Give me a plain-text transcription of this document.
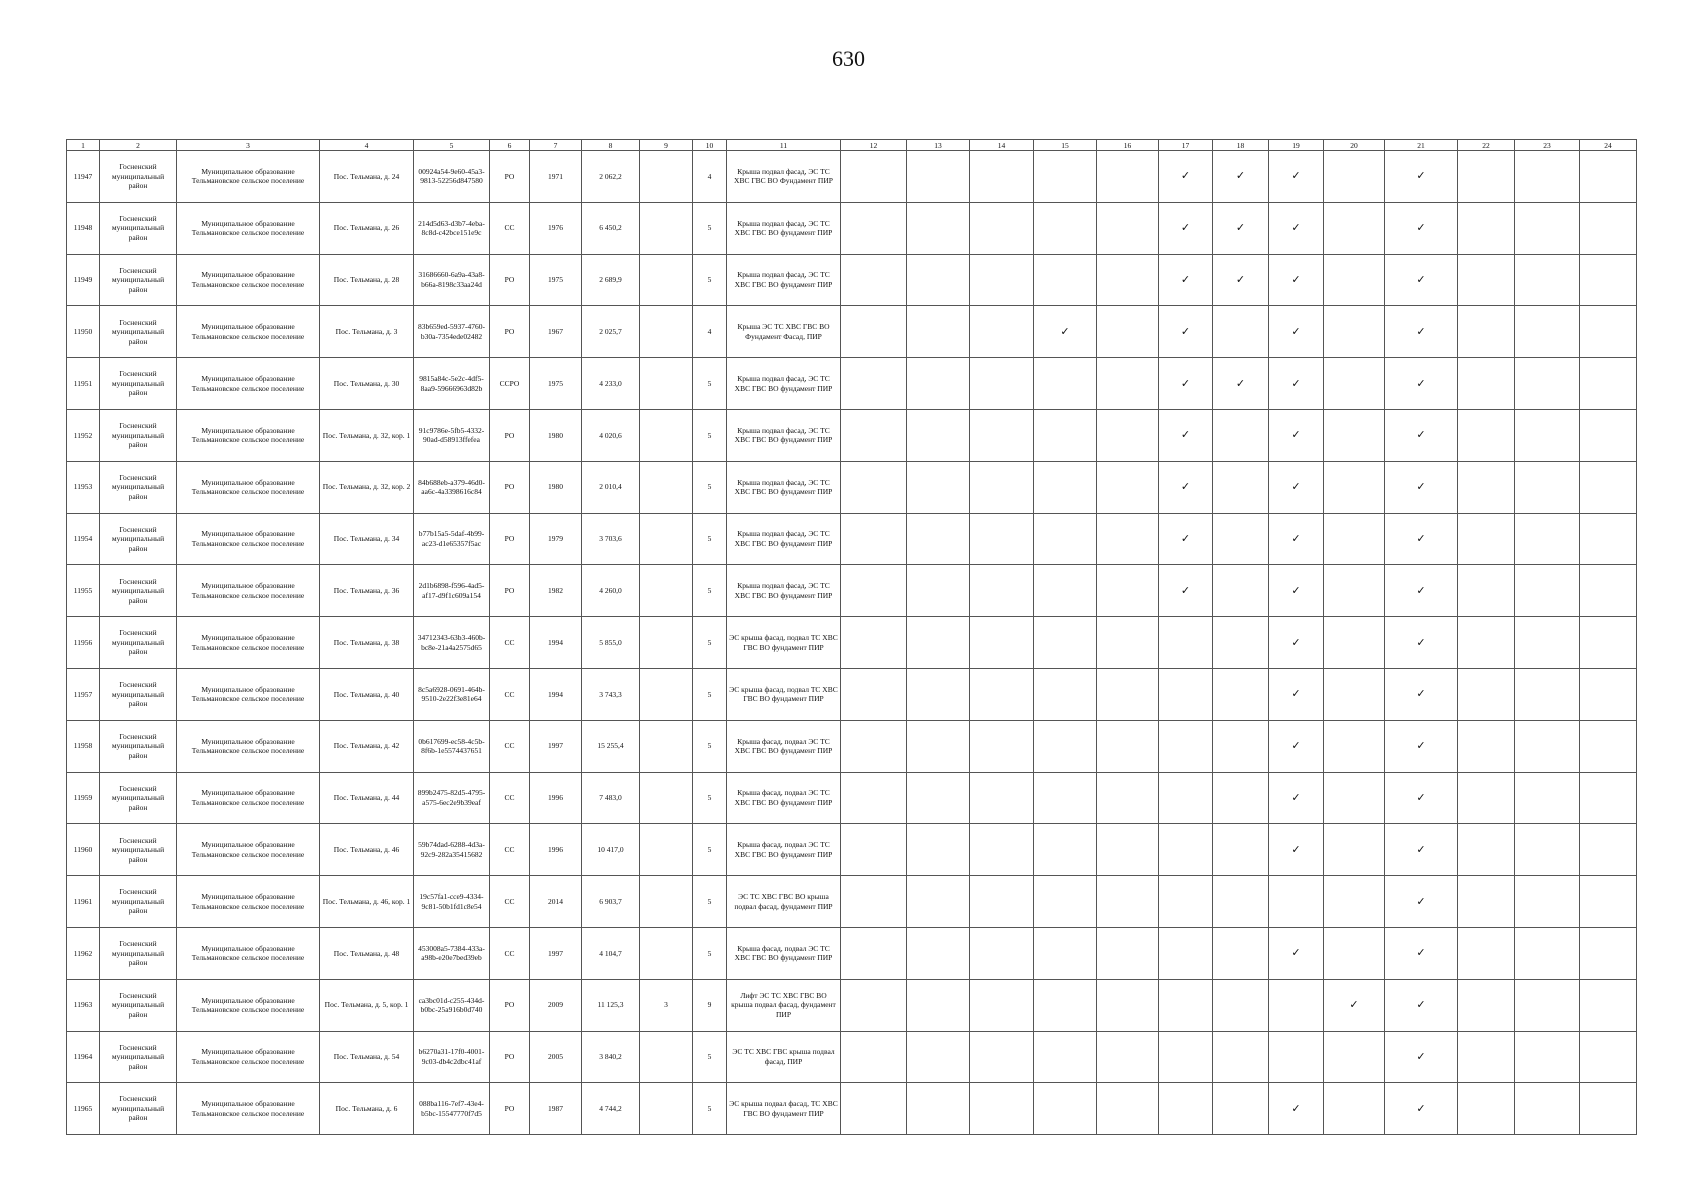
630
1	2	3	4	5	6	7	8	9	10	11	12	13	14	15	16	17	18	19	20	21	22	23	24
11947	Госненский муниципальный район	Муниципальное образование Тельмановское сельское поселение	Пос. Тельмана, д. 24	00924a54-9e60-45a3-9813-52256d847580	РО	1971	2 062,2		4	Крыша подвал фасад, ЭС ТС ХВС ГВС ВО Фундамент ПИР						✓	✓	✓		✓			
11948	Госненский муниципальный район	Муниципальное образование Тельмановское сельское поселение	Пос. Тельмана, д. 26	214d5d63-d3b7-4eba-8c8d-c42bce151e9c	СС	1976	6 450,2		5	Крыша подвал фасад, ЭС ТС ХВС ГВС ВО фундамент ПИР						✓	✓	✓		✓			
11949	Госненский муниципальный район	Муниципальное образование Тельмановское сельское поселение	Пос. Тельмана, д. 28	31686660-6a9a-43a8-b66a-8198c33aa24d	РО	1975	2 689,9		5	Крыша подвал фасад, ЭС ТС ХВС ГВС ВО фундамент ПИР						✓	✓	✓		✓			
11950	Госненский муниципальный район	Муниципальное образование Тельмановское сельское поселение	Пос. Тельмана, д. 3	83b659ed-5937-4760-b30a-7354ede02482	РО	1967	2 025,7		4	Крыша ЭС ТС ХВС ГВС ВО Фундамент Фасад, ПИР				✓		✓		✓		✓			
11951	Госненский муниципальный район	Муниципальное образование Тельмановское сельское поселение	Пос. Тельмана, д. 30	9815a84c-5e2c-4df5-8aa9-59666963d82b	ССРО	1975	4 233,0		5	Крыша подвал фасад, ЭС ТС ХВС ГВС ВО фундамент ПИР						✓	✓	✓		✓			
11952	Госненский муниципальный район	Муниципальное образование Тельмановское сельское поселение	Пос. Тельмана, д. 32, кор. 1	91c9786e-5fb5-4332-90ad-d58913ffefea	РО	1980	4 020,6		5	Крыша подвал фасад, ЭС ТС ХВС ГВС ВО фундамент ПИР						✓		✓		✓			
11953	Госненский муниципальный район	Муниципальное образование Тельмановское сельское поселение	Пос. Тельмана, д. 32, кор. 2	84b688eb-a379-46d0-aa6c-4a3398616c84	РО	1980	2 010,4		5	Крыша подвал фасад, ЭС ТС ХВС ГВС ВО фундамент ПИР						✓		✓		✓			
11954	Госненский муниципальный район	Муниципальное образование Тельмановское сельское поселение	Пос. Тельмана, д. 34	b77b15a5-5daf-4b99-ac23-d1e65357f5ac	РО	1979	3 703,6		5	Крыша подвал фасад, ЭС ТС ХВС ГВС ВО фундамент ПИР						✓		✓		✓			
11955	Госненский муниципальный район	Муниципальное образование Тельмановское сельское поселение	Пос. Тельмана, д. 36	2d1b6898-f596-4ad5-af17-d9f1c609a154	РО	1982	4 260,0		5	Крыша подвал фасад, ЭС ТС ХВС ГВС ВО фундамент ПИР						✓		✓		✓			
11956	Госненский муниципальный район	Муниципальное образование Тельмановское сельское поселение	Пос. Тельмана, д. 38	34712343-63b3-460b-bc8e-21a4a2575d65	СС	1994	5 855,0		5	ЭС крыша фасад, подвал ТС ХВС ГВС ВО фундамент ПИР								✓		✓			
11957	Госненский муниципальный район	Муниципальное образование Тельмановское сельское поселение	Пос. Тельмана, д. 40	8c5a6928-0691-464b-9510-2e22f3e81e64	СС	1994	3 743,3		5	ЭС крыша фасад, подвал ТС ХВС ГВС ВО фундамент ПИР								✓		✓			
11958	Госненский муниципальный район	Муниципальное образование Тельмановское сельское поселение	Пос. Тельмана, д. 42	0b617699-ec58-4c5b-8f6b-1e5574437651	СС	1997	15 255,4		5	Крыша фасад, подвал ЭС ТС ХВС ГВС ВО фундамент ПИР								✓		✓			
11959	Госненский муниципальный район	Муниципальное образование Тельмановское сельское поселение	Пос. Тельмана, д. 44	899b2475-82d5-4795-a575-6ec2e9b39eaf	СС	1996	7 483,0		5	Крыша фасад, подвал ЭС ТС ХВС ГВС ВО фундамент ПИР								✓		✓			
11960	Госненский муниципальный район	Муниципальное образование Тельмановское сельское поселение	Пос. Тельмана, д. 46	59b74dad-6288-4d3a-92c9-282a35415682	СС	1996	10 417,0		5	Крыша фасад, подвал ЭС ТС ХВС ГВС ВО фундамент ПИР								✓		✓			
11961	Госненский муниципальный район	Муниципальное образование Тельмановское сельское поселение	Пос. Тельмана, д. 46, кор. 1	19c57fa1-cce9-4334-9c81-50b1fd1c8e54	СС	2014	6 903,7		5	ЭС ТС ХВС ГВС ВО крыша подвал фасад, фундамент ПИР										✓			
11962	Госненский муниципальный район	Муниципальное образование Тельмановское сельское поселение	Пос. Тельмана, д. 48	453008a5-7384-433a-a98b-e20e7bed39eb	СС	1997	4 104,7		5	Крыша фасад, подвал ЭС ТС ХВС ГВС ВО фундамент ПИР								✓		✓			
11963	Госненский муниципальный район	Муниципальное образование Тельмановское сельское поселение	Пос. Тельмана, д. 5, кор. 1	ca3bc01d-c255-434d-b0bc-25a916b0d740	РО	2009	11 125,3	3	9	Лифт ЭС ТС ХВС ГВС ВО крыша подвал фасад, фундамент ПИР									✓	✓			
11964	Госненский муниципальный район	Муниципальное образование Тельмановское сельское поселение	Пос. Тельмана, д. 54	b6270a31-17f0-4001-9c03-db4c2dbc41af	РО	2005	3 840,2		5	ЭС ТС ХВС ГВС крыша подвал фасад, ПИР										✓			
11965	Госненский муниципальный район	Муниципальное образование Тельмановское сельское поселение	Пос. Тельмана, д. 6	088ba116-7ef7-43e4-b5bc-15547770f7d5	РО	1987	4 744,2		5	ЭС крыша подвал фасад, ТС ХВС ГВС ВО фундамент ПИР								✓		✓			
